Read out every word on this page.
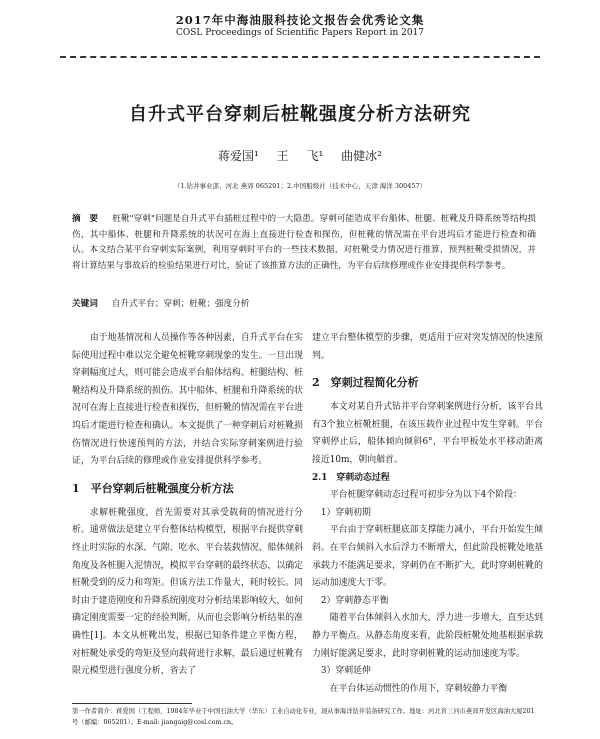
2017年中海油服科技论文报告会优秀论文集
COSL Proceedings of Scientific Papers Report in 2017
自升式平台穿刺后桩靴强度分析方法研究
蒋爱国¹ 王 飞¹ 曲健冰²
（1.钻井事业部，河北 燕郊 065201；2.中国船级社（技术中心，天津 海洋 300457）
摘　要 　 桩靴"穿刺"问题是自升式平台插桩过程中的一大隐患。穿刺可能造成平台船体、桩腿、桩靴及升降系统等结构损伤，其中船体、桩腿和升降系统的状况可在海上直接进行检查和探伤，但桩靴的情况需在平台进坞后才能进行检查和确认。本文结合某平台穿刺实际案例，利用穿刺时平台的一些技术数据，对桩靴受力情况进行推算，预判桩靴受损情况，并将计算结果与事故后的检验结果进行对比，验证了该推算方法的正确性，为平台后续修理或作业安排提供科学参考。
关键词 　 自升式平台；穿刺；桩靴；强度分析

由于地基情况和人员操作等各种因素，自升式平台在实际使用过程中难以完全避免桩靴穿刺现象的发生。一旦出现穿刺幅度过大，则可能会造成平台船体结构、桩腿结构、桩靴结构及升降系统的损伤。其中船体、桩腿和升降系统的状况可在海上直接进行检查和探伤，但桩靴的情况需在平台进坞后才能进行检查和确认。本文提供了一种穿刺后对桩靴损伤情况进行快速预判的方法，并结合实际穿刺案例进行验证，为平台后续的修理或作业安排提供科学参考。

1　平台穿刺后桩靴强度分析方法

求解桩靴强度，首先需要对其承受载荷的情况进行分析。通常做法是建立平台整体结构模型，根据平台提供穿刺终止时实际的水深、气隙、吃水、平台装载情况、船体倾斜角度及各桩腿入泥情况，模拟平台穿刺的最终状态，以确定桩靴受到的反力和弯矩。但该方法工作量大，耗时较长。同时由于建造刚度和升降系统刚度对分析结果影响较大，如何确定刚度需要一定的经验判断，从而也会影响分析结果的准确性[1]。本文从桩靴出发，根据已知条件建立平衡方程，对桩靴处承受的弯矩及竖向载荷进行求解，最后通过桩靴有限元模型进行强度分析，省去了

建立平台整体模型的步骤，更适用于应对突发情况的快速预判。

2　穿刺过程简化分析

本文对某自升式钻井平台穿刺案例进行分析，该平台具有3个独立桩靴桩腿，在该压载作业过程中发生穿刺。平台穿刺停止后，船体倾向倾斜6°，平台甲板处水平移动距离接近10m，朝向艏首。

2.1　穿刺动态过程

平台桩腿穿刺动态过程可初步分为以下4个阶段：

1）穿刺初期

平台由于穿刺桩腿底部支撑能力减小，平台开始发生倾斜。在平台倾斜入水后浮力不断增大，但此阶段桩靴处地基承载力不能满足要求，穿刺仍在不断扩大，此时穿刺桩靴的运动加速度大于零。

2）穿刺静态平衡

随着平台体倾斜入水加大，浮力进一步增大，直至达到静力平衡点。从静态角度来看，此阶段桩靴处地基根据承载力刚好能满足要求，此时穿刺桩靴的运动加速度为零。

3）穿刺延伸

在平台体运动惯性的作用下，穿刺较静力平衡

第一作者简介：蒋爱国（工程师，1984年毕业于中国石油大学（华东）工业自动化专业，现从事海洋钻井装备研究工作。地址：河北省三河市燕郊开发区海油大厦201号（邮编：065201）。E-mail: jiangaig@cosl.com.cn。
